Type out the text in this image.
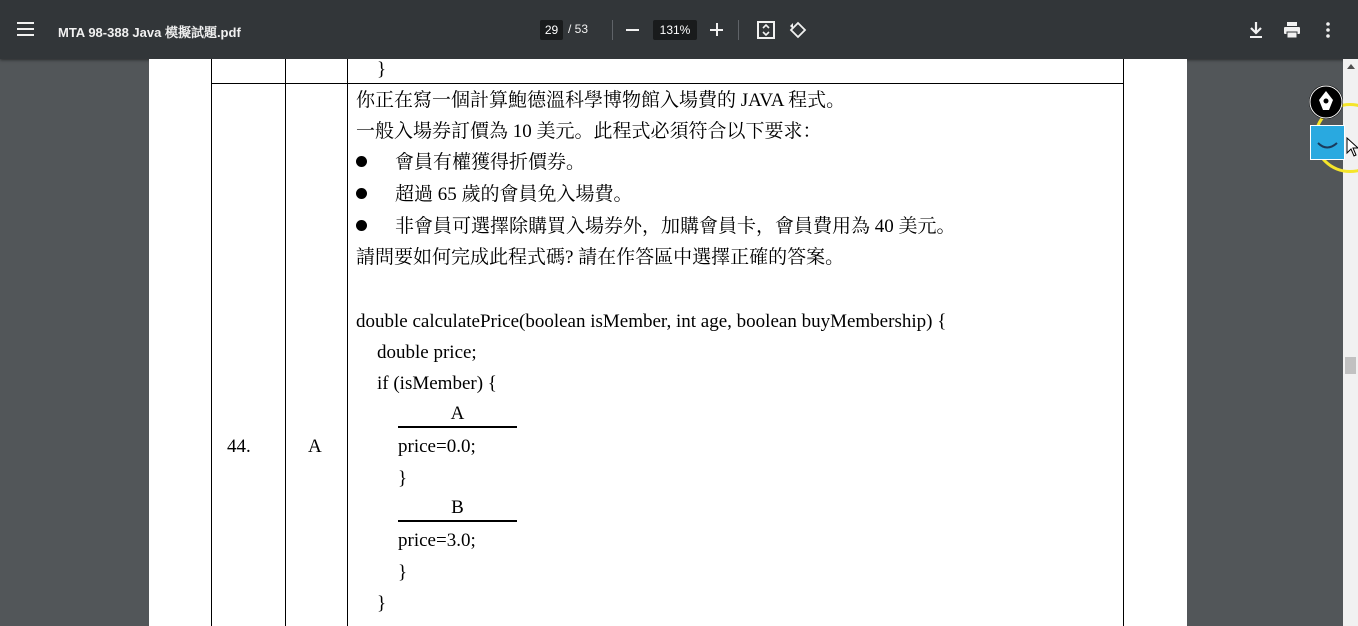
MTA 98-388 Java 模擬試題.pdf	29 / 53	131%
}
44.	A
你正在寫一個計算鮑德溫科學博物館入場費的 JAVA 程式。
一般入場券訂價為 10 美元。此程式必須符合以下要求：
會員有權獲得折價券。
超過 65 歲的會員免入場費。
非會員可選擇除購買入場券外，加購會員卡，會員費用為 40 美元。
請問要如何完成此程式碼? 請在作答區中選擇正確的答案。
double calculatePrice(boolean isMember, int age, boolean buyMembership) {
double price;
if (isMember) {
A
price=0.0;
}
B
price=3.0;
}
}
